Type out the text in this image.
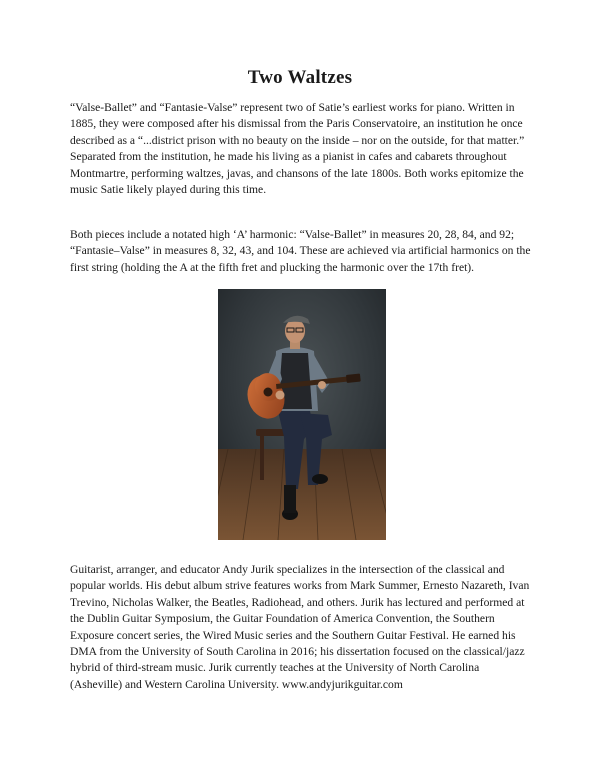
Two Waltzes

“Valse-Ballet” and “Fantasie-Valse” represent two of Satie’s earliest works for piano. Written in 1885, they were composed after his dismissal from the Paris Conservatoire, an institution he once described as a “...district prison with no beauty on the inside – nor on the outside, for that matter.” Separated from the institution, he made his living as a pianist in cafes and cabarets throughout Montmartre, performing waltzes, javas, and chansons of the late 1800s. Both works epitomize the music Satie likely played during this time.

Both pieces include a notated high ‘A’ harmonic: “Valse-Ballet” in measures 20, 28, 84, and 92; “Fantasie–Valse” in measures 8, 32, 43, and 104. These are achieved via artificial harmonics on the first string (holding the A at the fifth fret and plucking the harmonic over the 17th fret).

Guitarist, arranger, and educator Andy Jurik specializes in the intersection of the classical and popular worlds. His debut album strive features works from Mark Summer, Ernesto Nazareth, Ivan Trevino, Nicholas Walker, the Beatles, Radiohead, and others. Jurik has lectured and performed at the Dublin Guitar Symposium, the Guitar Foundation of America Convention, the Southern Exposure concert series, the Wired Music series and the Southern Guitar Festival. He earned his DMA from the University of South Carolina in 2016; his dissertation focused on the classical/jazz hybrid of third-stream music. Jurik currently teaches at the University of North Carolina (Asheville) and Western Carolina University. www.andyjurikguitar.com
